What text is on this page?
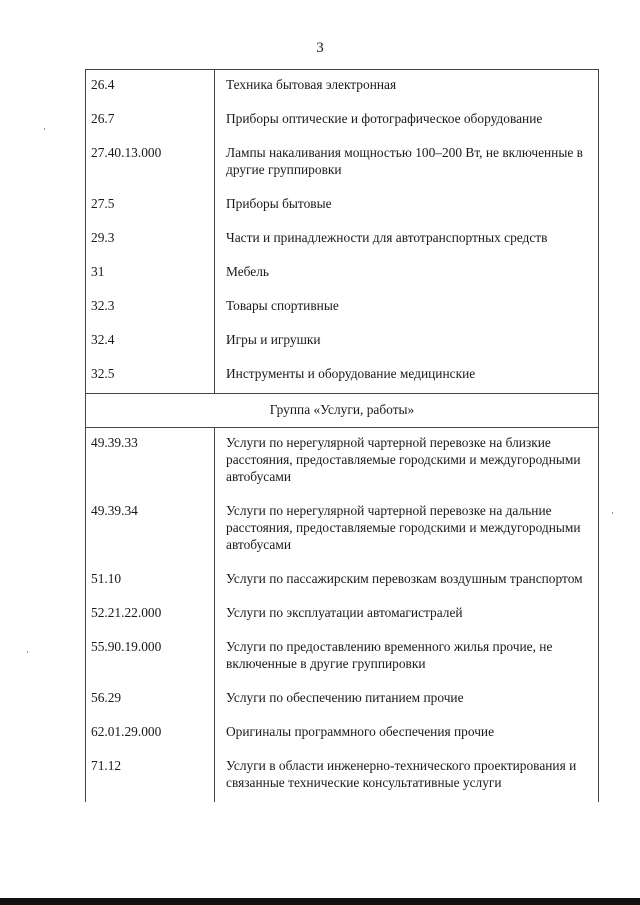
3
26.4	Техника бытовая электронная
26.7	Приборы оптические и фотографическое оборудование
27.40.13.000	Лампы накаливания мощностью 100–200 Вт, не включенные в другие группировки
27.5	Приборы бытовые
29.3	Части и принадлежности для автотранспортных средств
31	Мебель
32.3	Товары спортивные
32.4	Игры и игрушки
32.5	Инструменты и оборудование медицинские
Группа «Услуги, работы»	
49.39.33	Услуги по нерегулярной чартерной перевозке на близкие расстояния, предоставляемые городскими и междугородными автобусами
49.39.34	Услуги по нерегулярной чартерной перевозке на дальние расстояния, предоставляемые городскими и междугородными автобусами
51.10	Услуги по пассажирским перевозкам воздушным транспортом
52.21.22.000	Услуги по эксплуатации автомагистралей
55.90.19.000	Услуги по предоставлению временного жилья прочие, не включенные в другие группировки
56.29	Услуги по обеспечению питанием прочие
62.01.29.000	Оригиналы программного обеспечения прочие
71.12	Услуги в области инженерно-технического проектирования и связанные технические консультативные услуги
